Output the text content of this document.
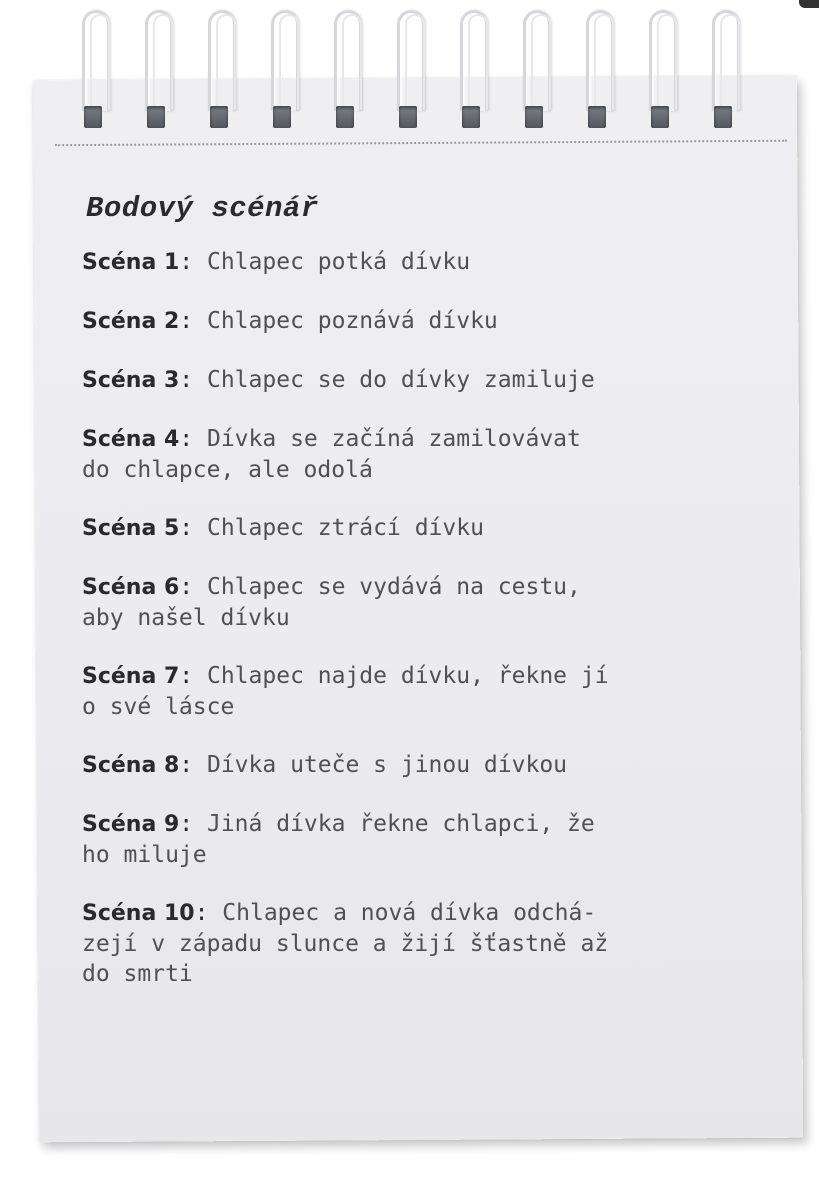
Bodový scénář
Scéna 1: Chlapec potká dívku
Scéna 2: Chlapec poznává dívku
Scéna 3: Chlapec se do dívky zamiluje
Scéna 4: Dívka se začíná zamilovávat
do chlapce, ale odolá
Scéna 5: Chlapec ztrácí dívku
Scéna 6: Chlapec se vydává na cestu,
aby našel dívku
Scéna 7: Chlapec najde dívku, řekne jí
o své lásce
Scéna 8: Dívka uteče s jinou dívkou
Scéna 9: Jiná dívka řekne chlapci, že
ho miluje
Scéna 10: Chlapec a nová dívka odchá-
zejí v západu slunce a žijí šťastně až
do smrti
